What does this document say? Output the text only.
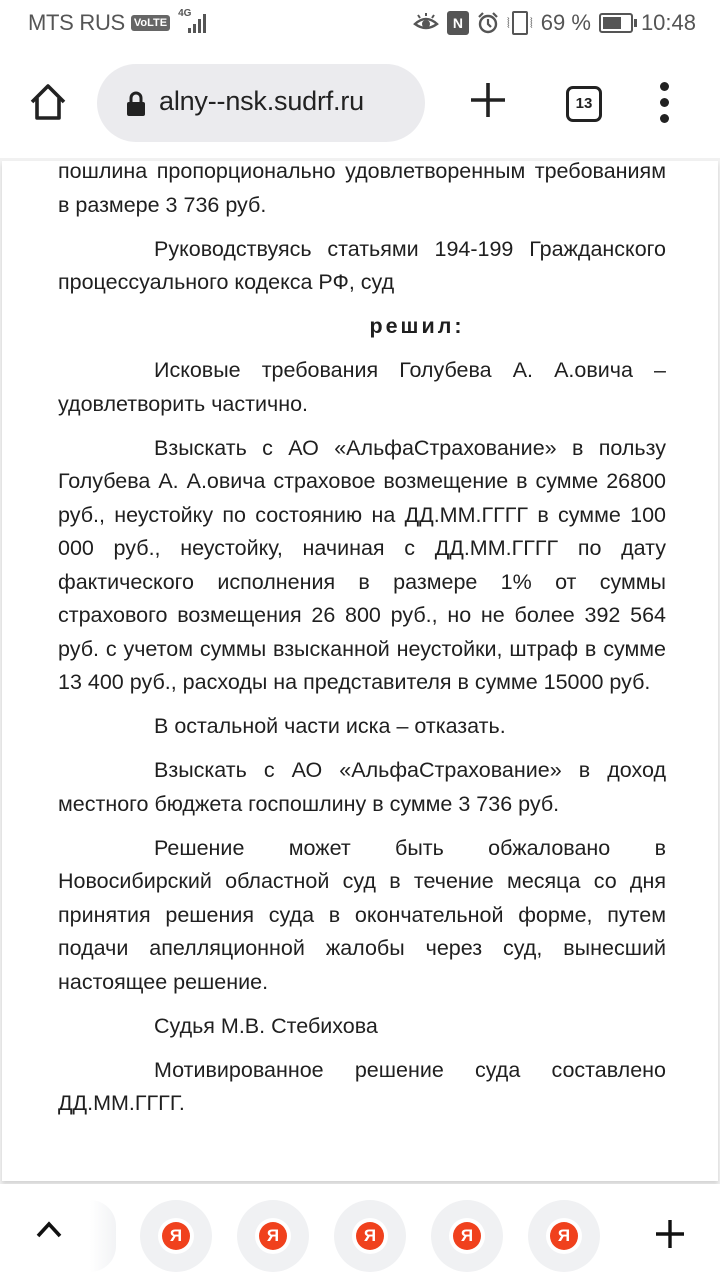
MTS RUS VoLTE
4G
N	⦚ ⦚ 69 % 10:48
alny--nsk.sudrf.ru	13

пошлина пропорционально удовлетворенным требованиям в размере 3 736 руб.

Руководствуясь статьями 194-199 Гражданского процессуального кодекса РФ, суд

решил:

Исковые требования Голубева А. А.овича – удовлетворить частично.

Взыскать с АО «АльфаСтрахование» в пользу Голубева А. А.овича страховое возмещение в сумме 26800 руб., неустойку по состоянию на ДД.ММ.ГГГГ в сумме 100 000 руб., неустойку, начиная с ДД.ММ.ГГГГ по дату фактического исполнения в размере 1% от суммы страхового возмещения 26 800 руб., но не более 392 564 руб. с учетом суммы взысканной неустойки, штраф в сумме 13 400 руб., расходы на представителя в сумме 15000 руб.

В остальной части иска – отказать.

Взыскать с АО «АльфаСтрахование» в доход местного бюджета госпошлину в сумме 3 736 руб.

Решение может быть обжаловано в Новосибирский областной суд в течение месяца со дня принятия решения суда в окончательной форме, путем подачи апелляционной жалобы через суд, вынесший настоящее решение.

Судья М.В. Стебихова

Мотивированное решение суда составлено ДД.ММ.ГГГГ.

Я	Я	Я	Я	Я
